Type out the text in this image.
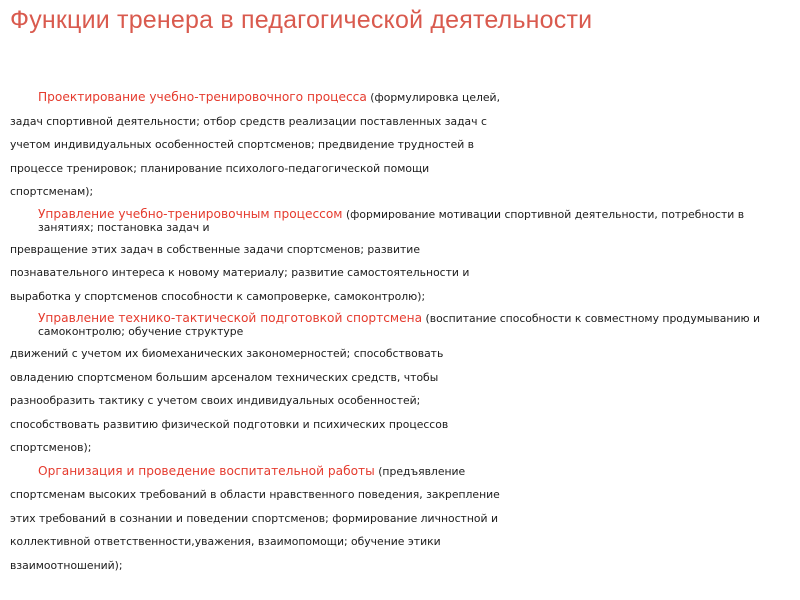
Функции тренера в педагогической деятельности
Проектирование учебно-тренировочного процесса (формулировка целей,
задач спортивной деятельности; отбор средств реализации поставленных задач с
учетом индивидуальных особенностей спортсменов; предвидение трудностей в
процессе тренировок; планирование психолого-педагогической помощи
спортсменам);
Управление учебно-тренировочным процессом (формирование мотивации спортивной деятельности, потребности в занятиях; постановка задач и
превращение этих задач в собственные задачи спортсменов; развитие
познавательного интереса к новому материалу; развитие самостоятельности и
выработка у спортсменов способности к самопроверке, самоконтролю);
Управление технико-тактической подготовкой спортсмена (воспитание способности к совместному продумыванию и самоконтролю; обучение структуре
движений с учетом их биомеханических закономерностей; способствовать
овладению спортсменом большим арсеналом технических средств, чтобы
разнообразить тактику с учетом своих индивидуальных особенностей;
способствовать развитию физической подготовки и психических процессов
спортсменов);
Организация и проведение воспитательной работы (предъявление
спортсменам высоких требований в области нравственного поведения, закрепление
этих требований в сознании и поведении спортсменов; формирование личностной и
коллективной ответственности,уважения, взаимопомощи; обучение этики
взаимоотношений);
